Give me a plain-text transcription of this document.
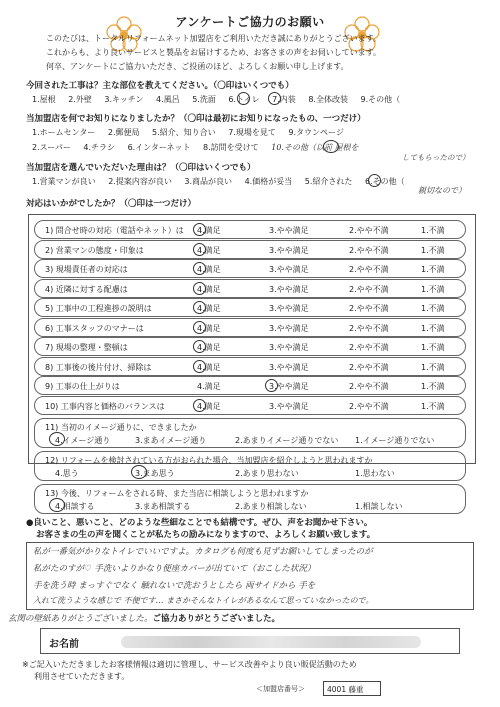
アンケートご協力のお願い
このたびは、トータルリフォームネット加盟店をご利用いただき誠にありがとうございます。
これからも、より良いサービスと製品をお届けするため、お客さまの声をお伺いしています。
何卒、アンケートにご協力いただき、ご投函のほど、よろしくお願い申し上げます。
今回された工事は？主な部位を教えてください。（〇印はいくつでも）
1.屋根 2.外壁 3.キッチン 4.風呂 5.洗面 6.トイレ 7.内装 8.全体改装 9.その他（
当加盟店を何でお知りになりましたか？（〇印は最初にお知りになったもの、一つだけ）
1.ホームセンター 2.郵便局 5.紹介、知り合い 7.現場を見て 9.タウンページ
2.スーパー 4.チラシ 6.インターネット 8.訪問を受けて 10.その他（以前 屋根を
してもらったので）
当加盟店を選んでいただいた理由は？（〇印はいくつでも）
1.営業マンが良い 2.提案内容が良い 3.商品が良い 4.価格が妥当 5.紹介された 6.その他（
親切なので）
対応はいかがでしたか？（〇印は一つだけ）
1) 問合せ時の対応（電話やネット）は 4.満足	3.やや満足	2.やや不満	1.不満
2) 営業マンの態度・印象は	4.満足	3.やや満足	2.やや不満	1.不満
3) 現場責任者の対応は	4.満足	3.やや満足	2.やや不満	1.不満
4) 近隣に対する配慮は	4.満足	3.やや満足	2.やや不満	1.不満
5) 工事中の工程進捗の説明は	4.満足	3.やや満足	2.やや不満	1.不満
6) 工事スタッフのマナーは	4.満足	3.やや満足	2.やや不満	1.不満
7) 現場の整理・整頓は	4.満足	3.やや満足	2.やや不満	1.不満
8) 工事後の後片付け、掃除は	4.満足	3.やや満足	2.やや不満	1.不満
9) 工事の仕上がりは	4.満足	3.やや満足	2.やや不満	1.不満
10) 工事内容と価格のバランスは	4.満足	3.やや満足	2.やや不満	1.不満
11) 当初のイメージ通りに、できましたか
4.イメージ通り	3.まあイメージ通り	2.あまりイメージ通りでない 1.イメージ通りでない
12) リフォームを検討されている方がおられた場合、当加盟店を紹介しようと思われますか
4.思う	3.まあ思う	2.あまり思わない	1.思わない
13) 今後、リフォームをされる時、また当店に相談しようと思われますか
4.相談する	3.まあ相談する	2.あまり相談しない	1.相談しない
●良いこと、悪いこと、どのような些細なことでも結構です。ぜひ、声をお聞かせ下さい。
お客さまの生の声を聞くことが私たちの励みになりますので、よろしくお願い致します。
私が一番気がかりなトイレでいいですよ。カタログも何度も見ずお願いしてしまったのが
私がたのすが♡ 手洗いよりかなり便座カバーが出ていて（おこした状況）
手を洗う時 まっすぐでなく 触れないで洗おうとしたら 両サイドから 手を
入れて洗うような感じで 不便です… まさかそんなトイレがあるなんて思っていなかったので。
玄関の壁紙ありがとうございました。ご協力ありがとうございました。
お名前
※ご記入いただきましたお客様情報は適切に管理し、サービス改善やより良い販促活動のため
利用させていただきます。
＜加盟店番号＞	4001 藤重
